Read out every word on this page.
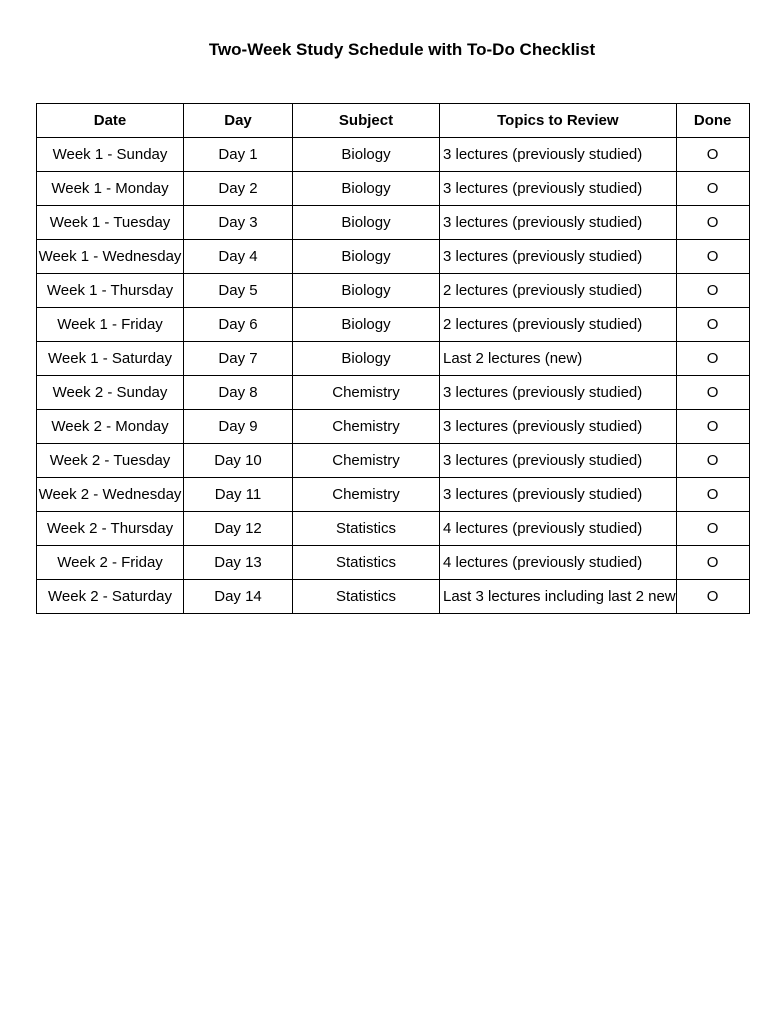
Two-Week Study Schedule with To-Do Checklist
Date	Day	Subject	Topics to Review	Done

Week 1 - Sunday	Day 1	Biology	3 lectures (previously studied)	O

Week 1 - Monday	Day 2	Biology	3 lectures (previously studied)	O

Week 1 - Tuesday	Day 3	Biology	3 lectures (previously studied)	O

Week 1 - Wednesday	Day 4	Biology	3 lectures (previously studied)	O

Week 1 - Thursday	Day 5	Biology	2 lectures (previously studied)	O

Week 1 - Friday	Day 6	Biology	2 lectures (previously studied)	O

Week 1 - Saturday	Day 7	Biology	Last 2 lectures (new)	O

Week 2 - Sunday	Day 8	Chemistry	3 lectures (previously studied)	O

Week 2 - Monday	Day 9	Chemistry	3 lectures (previously studied)	O

Week 2 - Tuesday	Day 10	Chemistry	3 lectures (previously studied)	O

Week 2 - Wednesday	Day 11	Chemistry	3 lectures (previously studied)	O

Week 2 - Thursday	Day 12	Statistics	4 lectures (previously studied)	O

Week 2 - Friday	Day 13	Statistics	4 lectures (previously studied)	O

Week 2 - Saturday	Day 14	Statistics	Last 3 lectures including last 2 new	O
